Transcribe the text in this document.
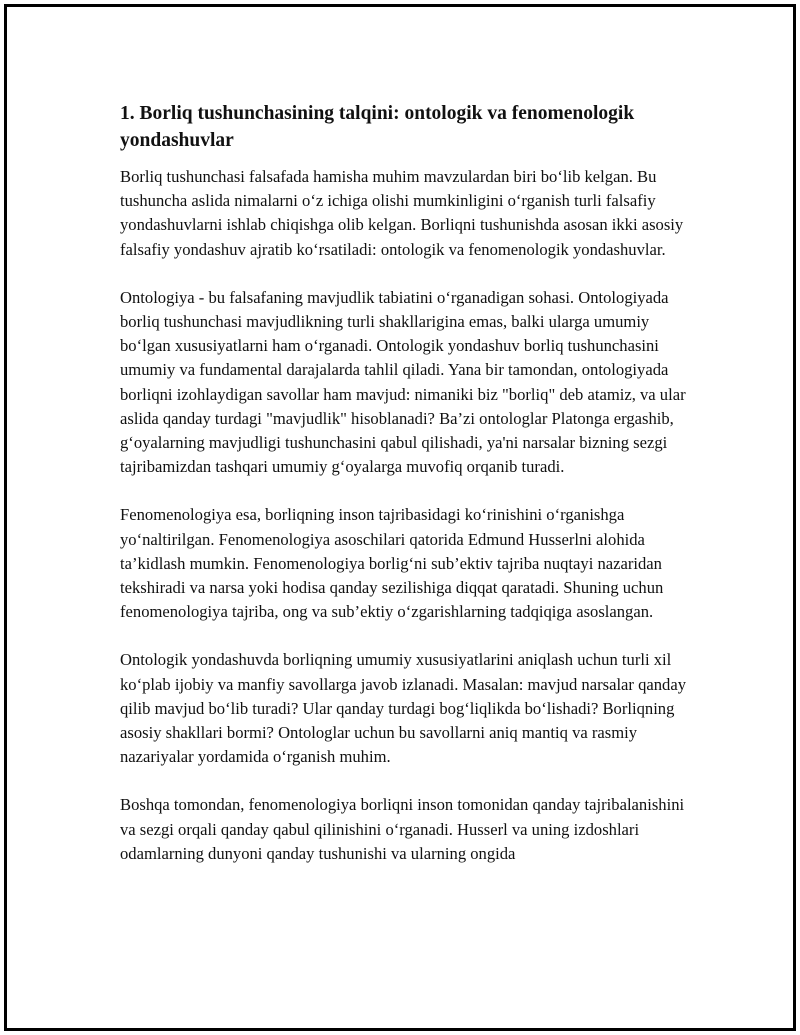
1. Borliq tushunchasining talqini: ontologik va fenomenologik yondashuvlar

Borliq tushunchasi falsafada hamisha muhim mavzulardan biri bo‘lib kelgan. Bu tushuncha aslida nimalarni o‘z ichiga olishi mumkinligini o‘rganish turli falsafiy yondashuvlarni ishlab chiqishga olib kelgan. Borliqni tushunishda asosan ikki asosiy falsafiy yondashuv ajratib ko‘rsatiladi: ontologik va fenomenologik yondashuvlar.

Ontologiya - bu falsafaning mavjudlik tabiatini o‘rganadigan sohasi. Ontologiyada borliq tushunchasi mavjudlikning turli shakllariginа emas, balki ularga umumiy bo‘lgan xususiyatlarni ham o‘rganadi. Ontologik yondashuv borliq tushunchasini umumiy va fundamental darajalarda tahlil qiladi. Yana bir tamondan, ontologiyada borliqni izohlaydigan savollar ham mavjud: nimaniki biz "borliq" deb atamiz, va ular aslida qanday turdagi "mavjudlik" hisoblanadi? Ba’zi ontologlar Platonga ergashib, g‘oyalarning mavjudligi tushunchasini qabul qilishadi, ya'ni narsalar bizning sezgi tajribamizdan tashqari umumiy g‘oyalarga muvofiq orqanib turadi.

Fenomenologiya esa, borliqning inson tajribasidagi ko‘rinishini o‘rganishga yo‘naltirilgan. Fenomenologiya asoschilari qatorida Edmund Husserlni alohida ta’kidlash mumkin. Fenomenologiya borlig‘ni sub’ektiv tajriba nuqtayi nazaridan tekshiradi va narsa yoki hodisa qanday sezilishiga diqqat qaratadi. Shuning uchun fenomenologiya tajriba, ong va sub’ektiy o‘zgarishlarning tadqiqiga asoslangan.

Ontologik yondashuvda borliqning umumiy xususiyatlarini aniqlash uchun turli xil ko‘plab ijobiy va manfiy savollarga javob izlanadi. Masalan: mavjud narsalar qanday qilib mavjud bo‘lib turadi? Ular qanday turdagi bog‘liqlikda bo‘lishadi? Borliqning asosiy shakllari bormi? Ontologlar uchun bu savollarni aniq mantiq va rasmiy nazariyalar yordamida o‘rganish muhim.

Boshqa tomondan, fenomenologiya borliqni inson tomonidan qanday tajribalanishini va sezgi orqali qanday qabul qilinishini o‘rganadi. Husserl va uning izdoshlari odamlarning dunyoni qanday tushunishi va ularning ongida
